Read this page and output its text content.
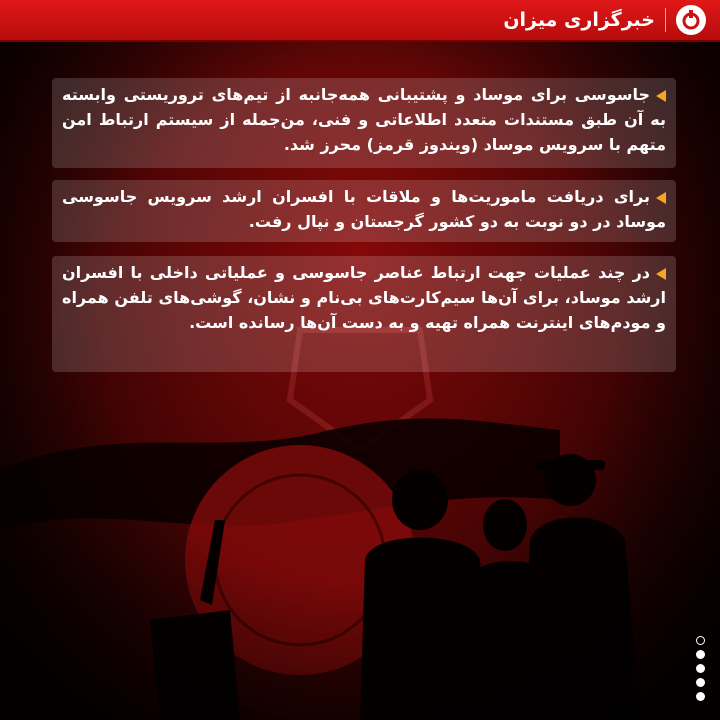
خبرگزاری میزان
جاسوسی برای موساد و پشتیبانی همه‌جانبه از تیم‌های تروریستی وابسته به آن طبق مستندات متعدد اطلاعاتی و فنی، من‌جمله از سیستم ارتباط امن متهم با سرویس موساد (ویندوز قرمز) محرز شد.
برای دریافت ماموریت‌ها و ملاقات با افسران ارشد سرویس جاسوسی موساد در دو نوبت به دو کشور گرجستان و نپال رفت.
در چند عملیات جهت ارتباط عناصر جاسوسی و عملیاتی داخلی با افسران ارشد موساد، برای آن‌ها سیم‌کارت‌های بی‌نام و نشان، گوشی‌های تلفن همراه و مودم‌های اینترنت همراه تهیه و به دست آن‌ها رسانده است.
